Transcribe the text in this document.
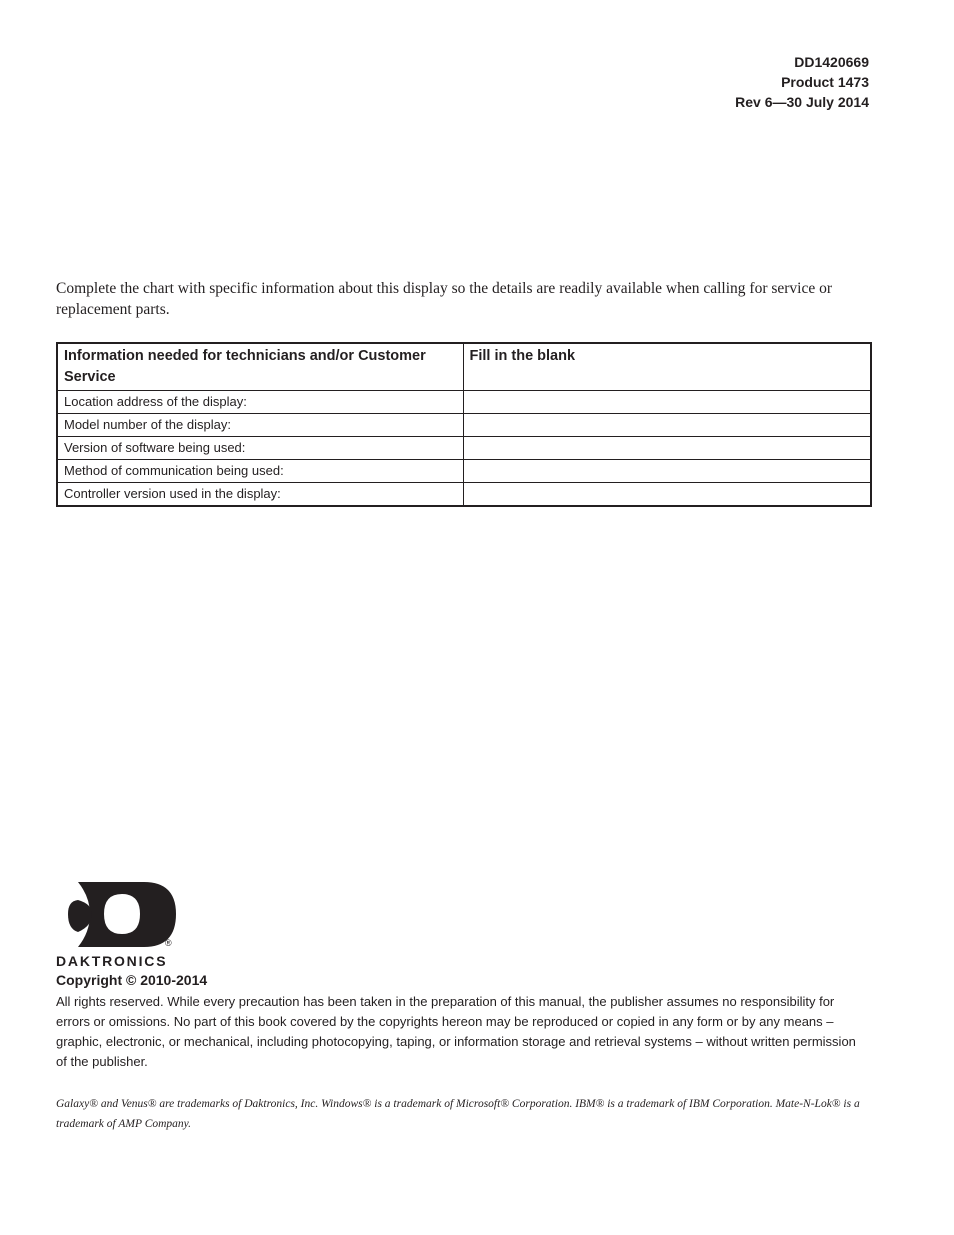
DD1420669
Product 1473
Rev 6—30 July 2014

Complete the chart with specific information about this display so the details are readily available when calling for service or replacement parts.

Information needed for technicians and/or Customer Service	Fill in the blank
Location address of the display:	
Model number of the display:	
Version of software being used:	
Method of communication being used:	
Controller version used in the display:	
®
DAKTRONICS
Copyright © 2010-2014

All rights reserved. While every precaution has been taken in the preparation of this manual, the publisher assumes no responsibility for errors or omissions. No part of this book covered by the copyrights hereon may be reproduced or copied in any form or by any means – graphic, electronic, or mechanical, including photocopying, taping, or information storage and retrieval systems – without written permission of the publisher.

Galaxy® and Venus® are trademarks of Daktronics, Inc. Windows® is a trademark of Microsoft® Corporation. IBM® is a trademark of IBM Corporation. Mate-N-Lok® is a trademark of AMP Company.
